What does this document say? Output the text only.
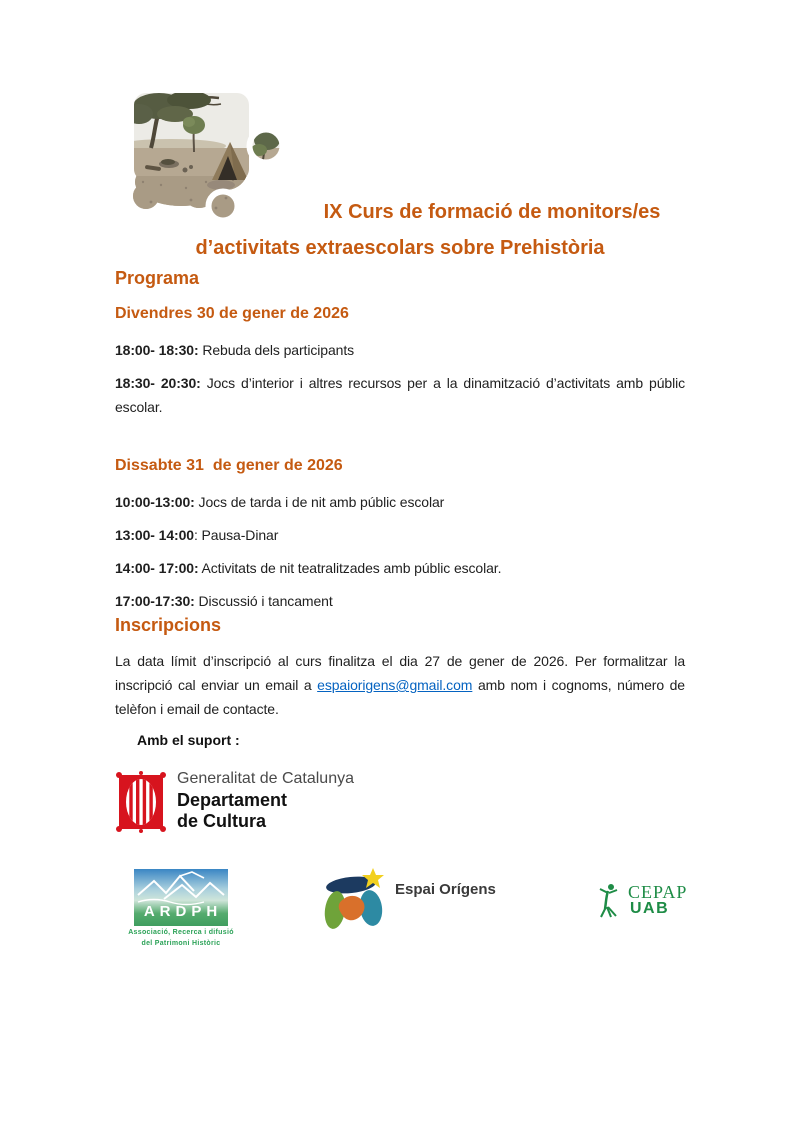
IX Curs de formació de monitors/es
d’activitats extraescolars sobre Prehistòria
Programa
Divendres 30 de gener de 2026

18:00- 18:30: Rebuda dels participants

18:30- 20:30: Jocs d’interior i altres recursos per a la dinamització d’activitats amb públic escolar.

Dissabte 31  de gener de 2026

10:00-13:00: Jocs de tarda i de nit amb públic escolar

13:00- 14:00: Pausa-Dinar

14:00- 17:00: Activitats de nit teatralitzades amb públic escolar.

17:00-17:30: Discussió i tancament

Inscripcions

La data límit d’inscripció al curs finalitza el dia 27 de gener de 2026. Per formalitzar la inscripció cal enviar un email a espaiorigens@gmail.com amb nom i cognoms, número de telèfon i email de contacte.

Amb el suport :

Generalitat de Catalunya
Departament
de Cultura
ARDPH
Associació, Recerca i difusió
del Patrimoni Històric
Espai Orígens	CEPAP
UAB
